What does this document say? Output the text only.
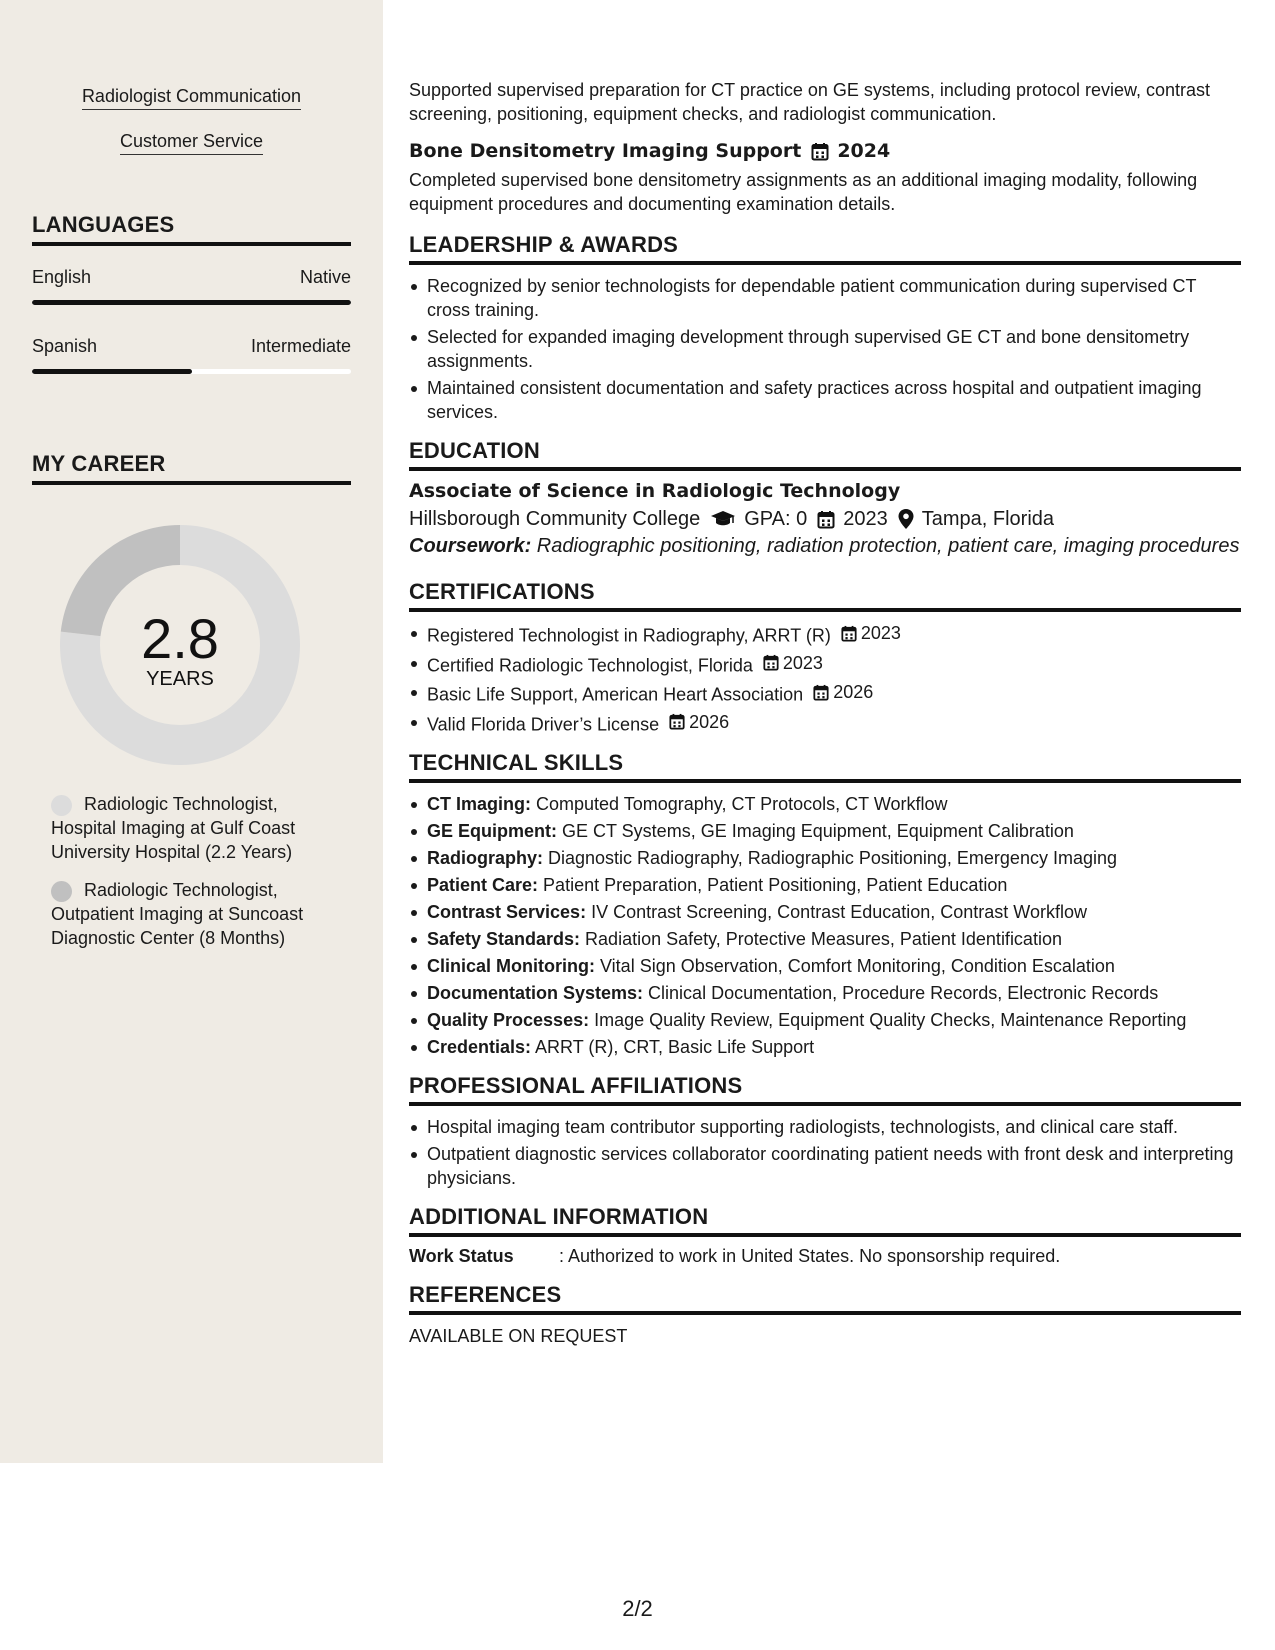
Radiologist Communication
Customer Service
LANGUAGES
English	Native
Spanish	Intermediate
MY CAREER
2.8
YEARS
Radiologic Technologist, Hospital Imaging at Gulf Coast University Hospital (2.2 Years)
Radiologic Technologist, Outpatient Imaging at Suncoast Diagnostic Center (8 Months)

Supported supervised preparation for CT practice on GE systems, including protocol review, contrast screening, positioning, equipment checks, and radiologist communication.

Bone Densitometry Imaging Support 2024

Completed supervised bone densitometry assignments as an additional imaging modality, following equipment procedures and documenting examination details.

LEADERSHIP & AWARDS
Recognized by senior technologists for dependable patient communication during supervised CT cross training.
Selected for expanded imaging development through supervised GE CT and bone densitometry assignments.
Maintained consistent documentation and safety practices across hospital and outpatient imaging services.
EDUCATION
Associate of Science in Radiologic Technology
Hillsborough Community College GPA: 0 2023 Tampa, Florida

Coursework: Radiographic positioning, radiation protection, patient care, imaging procedures

CERTIFICATIONS
Registered Technologist in Radiography, ARRT (R) 2023
Certified Radiologic Technologist, Florida 2023
Basic Life Support, American Heart Association 2026
Valid Florida Driver’s License 2026
TECHNICAL SKILLS
CT Imaging: Computed Tomography, CT Protocols, CT Workflow
GE Equipment: GE CT Systems, GE Imaging Equipment, Equipment Calibration
Radiography: Diagnostic Radiography, Radiographic Positioning, Emergency Imaging
Patient Care: Patient Preparation, Patient Positioning, Patient Education
Contrast Services: IV Contrast Screening, Contrast Education, Contrast Workflow
Safety Standards: Radiation Safety, Protective Measures, Patient Identification
Clinical Monitoring: Vital Sign Observation, Comfort Monitoring, Condition Escalation
Documentation Systems: Clinical Documentation, Procedure Records, Electronic Records
Quality Processes: Image Quality Review, Equipment Quality Checks, Maintenance Reporting
Credentials: ARRT (R), CRT, Basic Life Support
PROFESSIONAL AFFILIATIONS
Hospital imaging team contributor supporting radiologists, technologists, and clinical care staff.
Outpatient diagnostic services collaborator coordinating patient needs with front desk and interpreting physicians.
ADDITIONAL INFORMATION
Work Status	: Authorized to work in United States. No sponsorship required.
REFERENCES

AVAILABLE ON REQUEST

2/2
